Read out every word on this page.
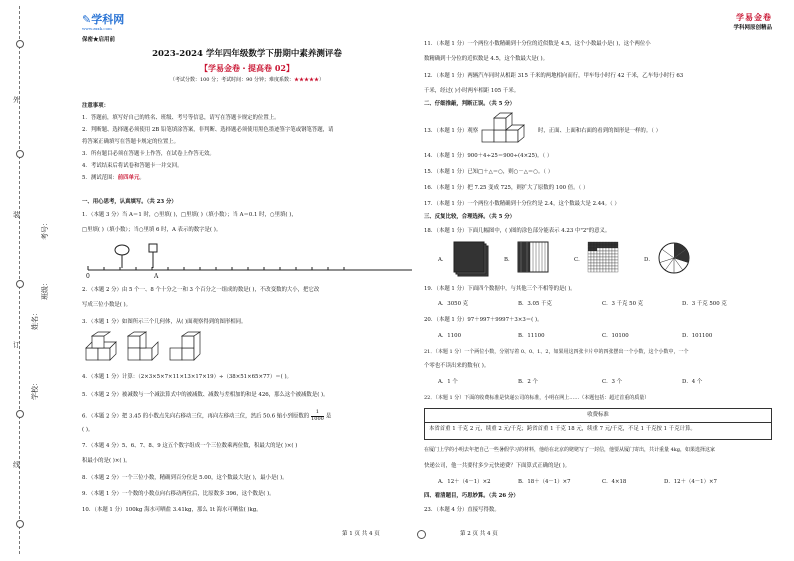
外
装
订
线
学校：
姓名：
班级：
考号：
✎学科网
www.zxxk.com
保密★启用前
2023-2024 学年四年级数学下册期中素养测评卷
【学易金卷・提高卷 02】
（考试分数：100 分；考试时间：90 分钟；难度系数：★★★★★）
注意事项：
1．答题前，填写好自己的姓名、班级、考号等信息，请写在答题卡规定的位置上。
2．判断题、选择题必须使用 2B 铅笔填涂答案，非判断、选择题必须使用黑色墨迹签字笔或钢笔答题，请
将答案正确填写在答题卡规定的位置上。
3．所有题目必须在答题卡上作答，在试卷上作答无效。
4．考试结束后将试卷和答题卡一并交回。
5．测试范围：前四单元。
一、用心思考，认真填写。（共 23 分）
1．（本题 3 分）当 A＝1 时，○里填( )，□里填( )（填小数）；当 A＝0.1 时，○里填( )，
□里填( )（填小数）；当○里填 6 时，A 表示的数字是( )。
0	A
2．（本题 2 分）由 5 个一、8 个十分之一和 3 个百分之一组成的数是( )，不改变数的大小，把它改
写成三位小数是( )。
3．（本题 1 分）如图所示三个几何体，从( )面观察得到的图形相同。
4．（本题 1 分）计算：（2×3×5×7×11×13×17×19）÷（38×51×65×77）＝( )。
5．（本题 2 分）被减数与一个减法算式中的被减数、减数与差相加的和是 426，那么这个被减数是( )。
6．（本题 2 分）把 3.45 的小数点先向右移动三位，再向左移动三位，然后 50.6 缩小到原数的 $\frac{1}{1000}$ 是
( )。
7．（本题 4 分）5、6、7、8、9 这五个数字组成一个三位数乘两位数，积最大的是( )×( )
积最小的是( )×( )。
8．（本题 2 分）一个三位小数，精确到百分位是 5.00，这个数最大是( )，最小是( )。
9．（本题 1 分）一个数的小数点向右移动两位后，比原数多 396，这个数是( )。
10．（本题 1 分）100kg 海水可晒盐 3.41kg，那么 1t 海水可晒盐( )kg。
第 1 页 共 4 页
学易金卷
学科网原创精品
11．（本题 1 分）一个两位小数精确到十分位的近似数是 4.5，这个小数最小是( )，这个两位小
数精确到十分位的近似数是 4.5，这个数最大是( )。
12．（本题 1 分）两辆汽车同时从相距 315 千米的两地相向而行，甲车每小时行 42 千米，乙车每小时行 63
千米，经过( )小时两车相距 105 千米。
二、仔细推敲，判断正误。（共 5 分）
13．（本题 1 分）观察	时，正面、上面和右面的看到的图形是一样的。（ ）
14．（本题 1 分）900＋4÷25＝900÷(4×25)。（ ）
15．（本题 1 分）已知□＋△＝○，则○－△＝○。（ ）
16．（本题 1 分）把 7.25 变成 725，则扩大了原数的 100 倍。（ ）
17．（本题 1 分）一个两位小数精确到十分位约是 2.4，这个数最大是 2.44。（ ）
三、反复比较，合理选择。（共 5 分）
18．（本题 1 分）下面几幅图中，( )图的涂色部分能表示 4.23 中"2"的意义。
A．	B．	C．	D．
19．（本题 1 分）下面四个数据中，与其他三个不相等的是( )。
A．3050 克	B．3.05 千克	C．3 千克 50 克	D．3 千克 500 克
20．（本题 1 分）97＋997＋9997＋3×3＝( )。
A．1100	B．11100	C．10100	D．101100
21．（本题 1 分）一个两位小数，分别写着 0、0、1、2，如果用这四张卡片中的四张摆出一个小数，这个小数中，一个
个零也不读出来的数有( )。
A．1 个	B．2 个	C．3 个	D．4 个
22．（本题 1 分）下面的收费标准是快递公司的标准，小明在网上……（本题包括：超过首重的质量）
收费标准
本省首重 1 千克 2 元，续重 2 元/千克；跨省首重 1 千克 18 元，续重 7 元/千克，不足 1 千克按 1 千克计算。
在厦门上学的小明去年把自己一些暑假学习的材料，他给在北京的姥姥写了一封信，他要从厦门寄出，共计重量 4kg，如果选择这家
快递公司，他一共要付多少元快递费？下面算式正确的是( )。
A．12＋（4－1）×2	B．18＋（4－1）×7	C．4×18	D．12＋（4－1）×7
四、看清题目，巧思妙算。（共 26 分）
23．（本题 4 分）直接写得数。
第 2 页 共 4 页
